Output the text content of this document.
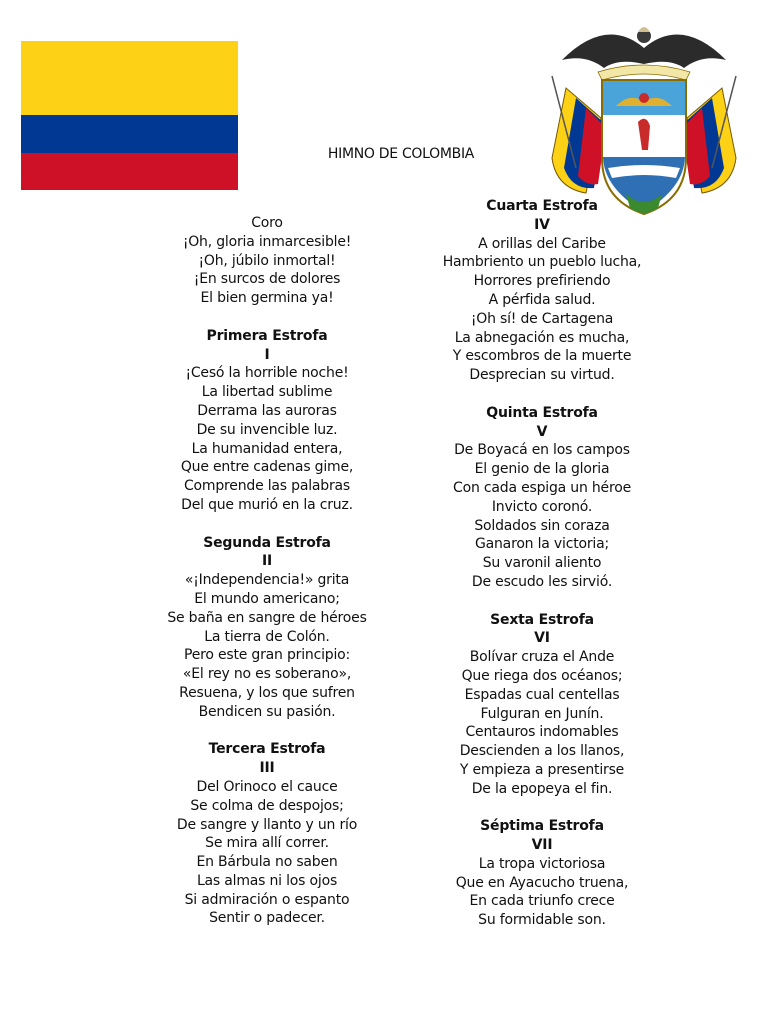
HIMNO DE COLOMBIA
Coro
¡Oh, gloria inmarcesible!
¡Oh, júbilo inmortal!
¡En surcos de dolores
El bien germina ya!
Primera Estrofa
I
¡Cesó la horrible noche!
La libertad sublime
Derrama las auroras
De su invencible luz.
La humanidad entera,
Que entre cadenas gime,
Comprende las palabras
Del que murió en la cruz.
Segunda Estrofa
II
«¡Independencia!» grita
El mundo americano;
Se baña en sangre de héroes
La tierra de Colón.
Pero este gran principio:
«El rey no es soberano»,
Resuena, y los que sufren
Bendicen su pasión.
Tercera Estrofa
III
Del Orinoco el cauce
Se colma de despojos;
De sangre y llanto y un río
Se mira allí correr.
En Bárbula no saben
Las almas ni los ojos
Si admiración o espanto
Sentir o padecer.
Cuarta Estrofa
IV
A orillas del Caribe
Hambriento un pueblo lucha,
Horrores prefiriendo
A pérfida salud.
¡Oh sí! de Cartagena
La abnegación es mucha,
Y escombros de la muerte
Desprecian su virtud.
Quinta Estrofa
V
De Boyacá en los campos
El genio de la gloria
Con cada espiga un héroe
Invicto coronó.
Soldados sin coraza
Ganaron la victoria;
Su varonil aliento
De escudo les sirvió.
Sexta Estrofa
VI
Bolívar cruza el Ande
Que riega dos océanos;
Espadas cual centellas
Fulguran en Junín.
Centauros indomables
Descienden a los llanos,
Y empieza a presentirse
De la epopeya el fin.
Séptima Estrofa
VII
La tropa victoriosa
Que en Ayacucho truena,
En cada triunfo crece
Su formidable son.
